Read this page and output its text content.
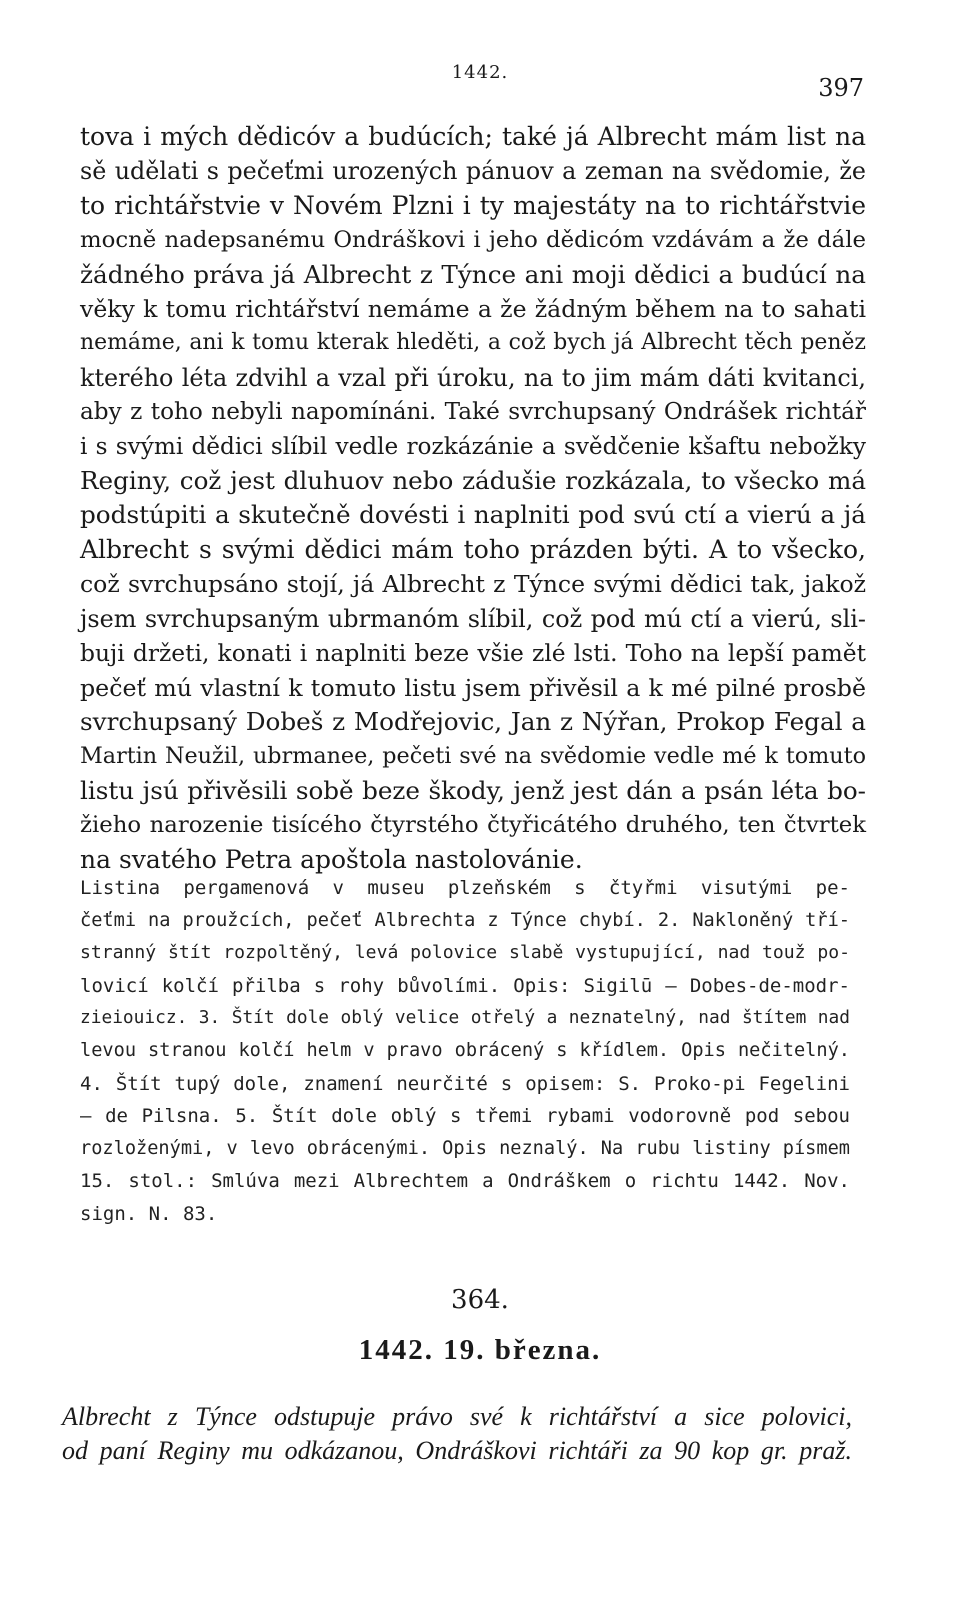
1442.
397
tova i mých dědicóv a budúcích; také já Albrecht mám list na
sě udělati s pečeťmi urozených pánuov a zeman na svědomie, že
to richtářstvie v Novém Plzni i ty majestáty na to richtářstvie
mocně nadepsanému Ondráškovi i jeho dědicóm vzdávám a že dále
žádného práva já Albrecht z Týnce ani moji dědici a budúcí na
věky k tomu richtářství nemáme a že žádným během na to sahati
nemáme, ani k tomu kterak hleděti, a což bych já Albrecht těch peněz
kterého léta zdvihl a vzal při úroku, na to jim mám dáti kvitanci,
aby z toho nebyli napomínáni. Také svrchupsaný Ondrášek richtář
i s svými dědici slíbil vedle rozkázánie a svědčenie kšaftu nebožky
Reginy, což jest dluhuov nebo zádušie rozkázala, to všecko má
podstúpiti a skutečně dovésti i naplniti pod svú ctí a vierú a já
Albrecht s svými dědici mám toho prázden býti. A to všecko,
což svrchupsáno stojí, já Albrecht z Týnce svými dědici tak, jakož
jsem svrchupsaným ubrmanóm slíbil, což pod mú ctí a vierú, sli-
buji držeti, konati i naplniti beze všie zlé lsti. Toho na lepší pamět
pečeť mú vlastní k tomuto listu jsem přivěsil a k mé pilné prosbě
svrchupsaný Dobeš z Modřejovic, Jan z Nýřan, Prokop Fegal a
Martin Neužil, ubrmanee, pečeti své na svědomie vedle mé k tomuto
listu jsú přivěsili sobě beze škody, jenž jest dán a psán léta bo-
žieho narozenie tisícého čtyrstého čtyřicátého druhého, ten čtvrtek
na svatého Petra apoštola nastolovánie.
Listina pergamenová v museu plzeňském s čtyřmi visutými pe-
čeťmi na proužcích, pečeť Albrechta z Týnce chybí. 2. Nakloněný tří-
stranný štít rozpoltěný, levá polovice slabě vystupující, nad touž po-
lovicí kolčí přilba s rohy bůvolími. Opis: Sigilū — Dobes-de-modr-
zieiouicz. 3. Štít dole oblý velice otřelý a neznatelný, nad štítem nad
levou stranou kolčí helm v pravo obrácený s křídlem. Opis nečitelný.
4. Štít tupý dole, znamení neurčité s opisem: S. Proko-pi Fegelini
— de Pilsna. 5. Štít dole oblý s třemi rybami vodorovně pod sebou
rozloženými, v levo obrácenými. Opis neznalý. Na rubu listiny písmem
15. stol.: Smlúva mezi Albrechtem a Ondráškem o richtu 1442. Nov.
sign. N. 83.
364.
1442. 19. března.
Albrecht z Týnce odstupuje právo své k richtářství a sice polovici,
od paní Reginy mu odkázanou, Ondráškovi richtáři za 90 kop gr. praž.
